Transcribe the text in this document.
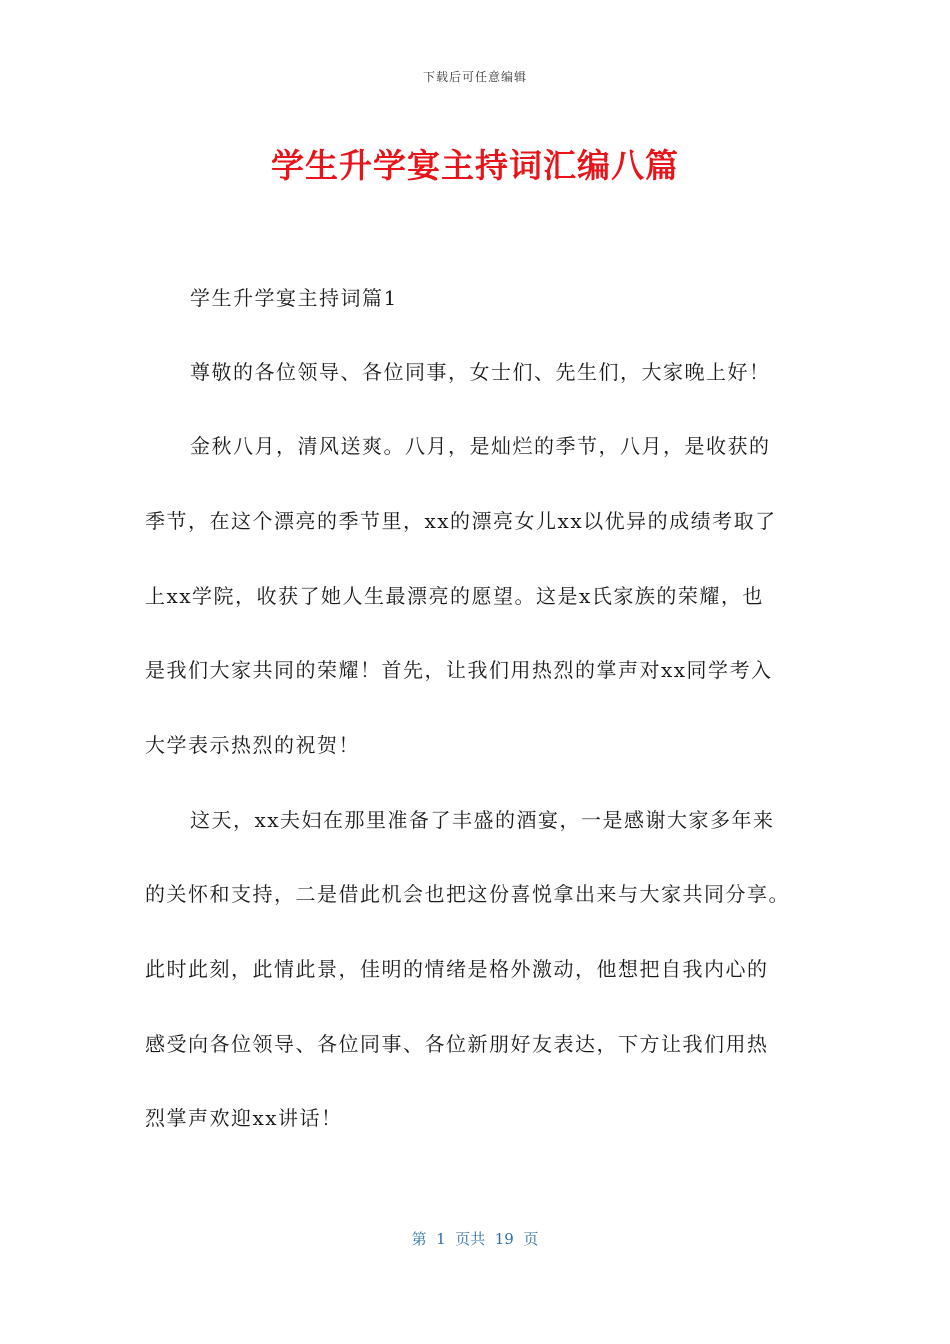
下载后可任意编辑
学生升学宴主持词汇编八篇
学生升学宴主持词篇1
尊敬的各位领导、各位同事，女士们、先生们，大家晚上好！
金秋八月，清风送爽。八月，是灿烂的季节，八月，是收获的
季节，在这个漂亮的季节里，xx的漂亮女儿xx以优异的成绩考取了
上xx学院，收获了她人生最漂亮的愿望。这是x氏家族的荣耀，也
是我们大家共同的荣耀！首先，让我们用热烈的掌声对xx同学考入
大学表示热烈的祝贺！
这天，xx夫妇在那里准备了丰盛的酒宴，一是感谢大家多年来
的关怀和支持，二是借此机会也把这份喜悦拿出来与大家共同分享。
此时此刻，此情此景，佳明的情绪是格外激动，他想把自我内心的
感受向各位领导、各位同事、各位新朋好友表达，下方让我们用热
烈掌声欢迎xx讲话！
第  1  页共  19  页
